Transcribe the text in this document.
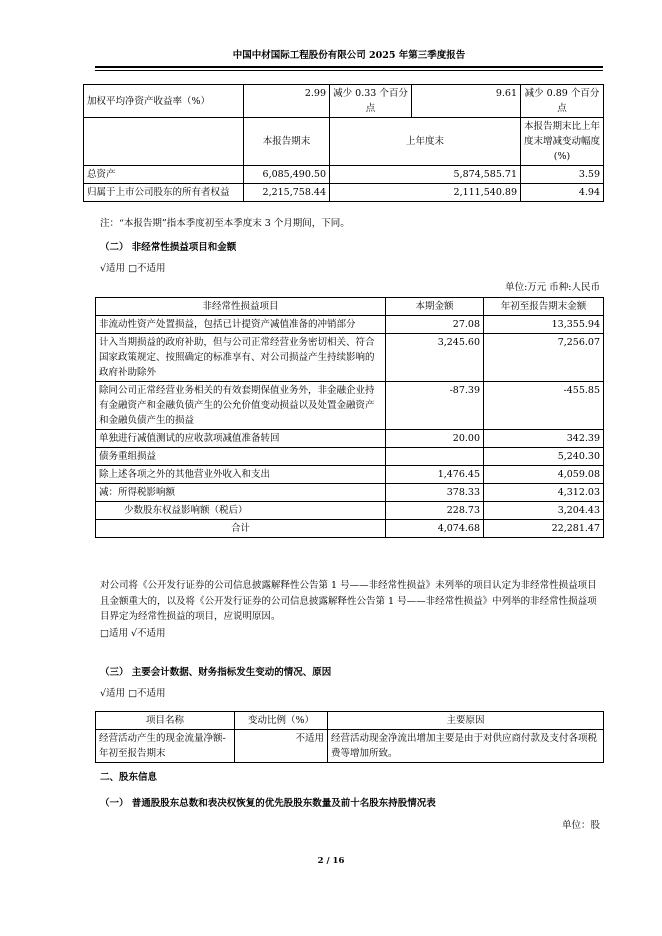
中国中材国际工程股份有限公司 2025 年第三季度报告
加权平均净资产收益率（%）	2.99	减少 0.33 个百分点	9.61	减少 0.89 个百分点
	本报告期末	上年度末		本报告期末比上年度末增减变动幅度(%)
总资产	6,085,490.50	5,874,585.71		3.59
归属于上市公司股东的所有者权益	2,215,758.44	2,111,540.89		4.94
注：“本报告期”指本季度初至本季度末 3 个月期间，下同。
（二） 非经常性损益项目和金额
√适用 □不适用
单位:万元 币种:人民币
非经常性损益项目	本期金额	年初至报告期末金额
非流动性资产处置损益，包括已计提资产减值准备的冲销部分	27.08	13,355.94
计入当期损益的政府补助，但与公司正常经营业务密切相关、符合国家政策规定、按照确定的标准享有、对公司损益产生持续影响的政府补助除外	3,245.60	7,256.07
除同公司正常经营业务相关的有效套期保值业务外，非金融企业持有金融资产和金融负债产生的公允价值变动损益以及处置金融资产和金融负债产生的损益	-87.39	-455.85
单独进行减值测试的应收款项减值准备转回	20.00	342.39
债务重组损益		5,240.30
除上述各项之外的其他营业外收入和支出	1,476.45	4,059.08
减：所得税影响额	378.33	4,312.03
少数股东权益影响额（税后）	228.73	3,204.43
合计	4,074.68	22,281.47
对公司将《公开发行证券的公司信息披露解释性公告第 1 号——非经常性损益》未列举的项目认定为非经常性损益项目且金额重大的，以及将《公开发行证券的公司信息披露解释性公告第 1 号——非经常性损益》中列举的非经常性损益项目界定为经常性损益的项目，应说明原因。
□适用 √不适用
（三） 主要会计数据、财务指标发生变动的情况、原因
√适用 □不适用
项目名称	变动比例（%）	主要原因
经营活动产生的现金流量净额-年初至报告期末	不适用	经营活动现金净流出增加主要是由于对供应商付款及支付各项税费等增加所致。
二、股东信息
（一） 普通股股东总数和表决权恢复的优先股股东数量及前十名股东持股情况表
单位：股
2 / 16
